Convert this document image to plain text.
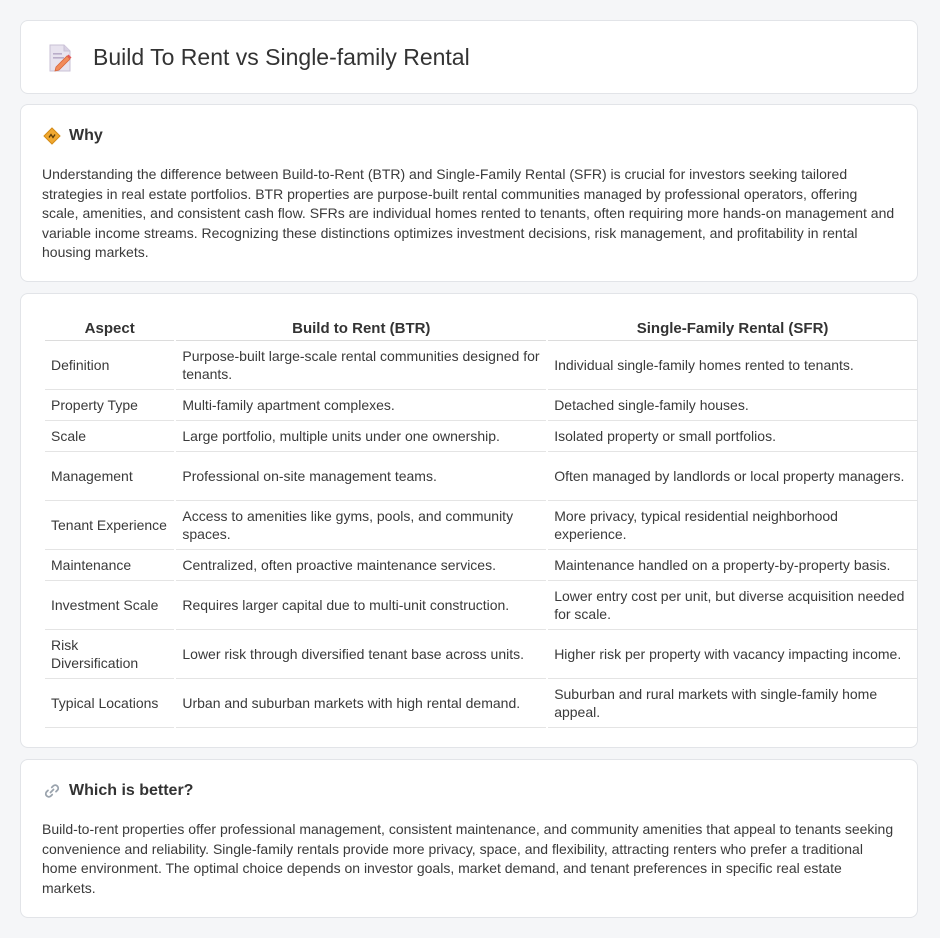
Build To Rent vs Single-family Rental
Why

Understanding the difference between Build-to-Rent (BTR) and Single-Family Rental (SFR) is crucial for investors seeking tailored strategies in real estate portfolios. BTR properties are purpose-built rental communities managed by professional operators, offering scale, amenities, and consistent cash flow. SFRs are individual homes rented to tenants, often requiring more hands-on management and variable income streams. Recognizing these distinctions optimizes investment decisions, risk management, and profitability in rental housing markets.

Aspect	Build to Rent (BTR)	Single-Family Rental (SFR)
Definition	Purpose-built large-scale rental communities designed for tenants.	Individual single-family homes rented to tenants.
Property Type	Multi-family apartment complexes.	Detached single-family houses.
Scale	Large portfolio, multiple units under one ownership.	Isolated property or small portfolios.
Management	Professional on-site management teams.	Often managed by landlords or local property managers.
Tenant Experience	Access to amenities like gyms, pools, and community spaces.	More privacy, typical residential neighborhood experience.
Maintenance	Centralized, often proactive maintenance services.	Maintenance handled on a property-by-property basis.
Investment Scale	Requires larger capital due to multi-unit construction.	Lower entry cost per unit, but diverse acquisition needed for scale.
Risk Diversification	Lower risk through diversified tenant base across units.	Higher risk per property with vacancy impacting income.
Typical Locations	Urban and suburban markets with high rental demand.	Suburban and rural markets with single-family home appeal.
Which is better?

Build-to-rent properties offer professional management, consistent maintenance, and community amenities that appeal to tenants seeking convenience and reliability. Single-family rentals provide more privacy, space, and flexibility, attracting renters who prefer a traditional home environment. The optimal choice depends on investor goals, market demand, and tenant preferences in specific real estate markets.
